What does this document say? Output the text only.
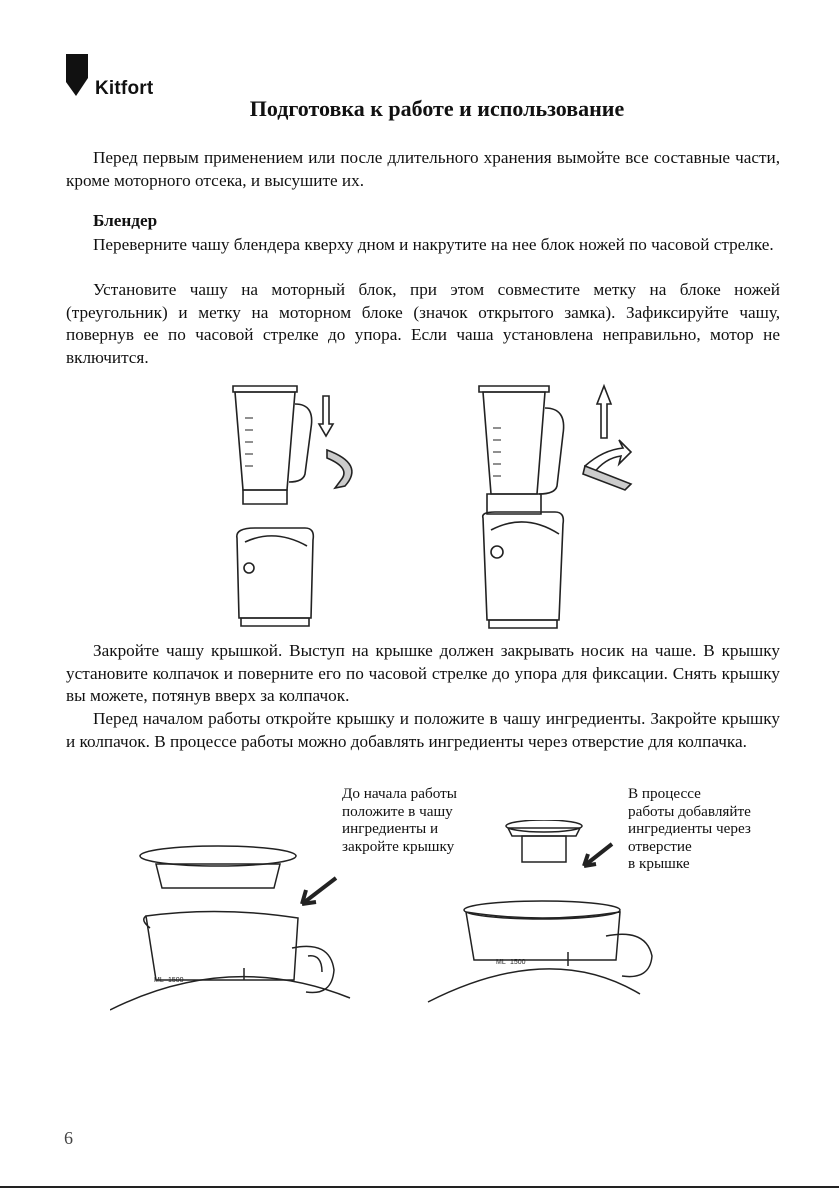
Kitfort
Подготовка к работе и использование

Перед первым применением или после длительного хранения вымойте все составные части, кроме моторного отсека, и высушите их.

Блендер

Переверните чашу блендера кверху дном и накрутите на нее блок ножей по часовой стрелке.

Установите чашу на моторный блок, при этом совместите метку на блоке ножей (треугольник) и метку на моторном блоке (значок открытого замка). Зафиксируйте чашу, повернув ее по часовой стрелке до упора. Если чаша установлена неправильно, мотор не включится.

Закройте чашу крышкой. Выступ на крышке должен закрывать носик на чаше. В крышку установите колпачок и поверните его по часовой стрелке до упора для фиксации. Снять крышку вы можете, потянув вверх за колпачок.

Перед началом работы откройте крышку и положите в чашу ингредиенты. Закройте крышку и колпачок. В процессе работы можно добавлять ингредиенты через отверстие для колпачка.

До начала работы
положите в чашу
ингредиенты и
закройте крышку
В процессе
работы добавляйте
ингредиенты через
отверстие
в крышке
ML 1500
ML 1500
6
